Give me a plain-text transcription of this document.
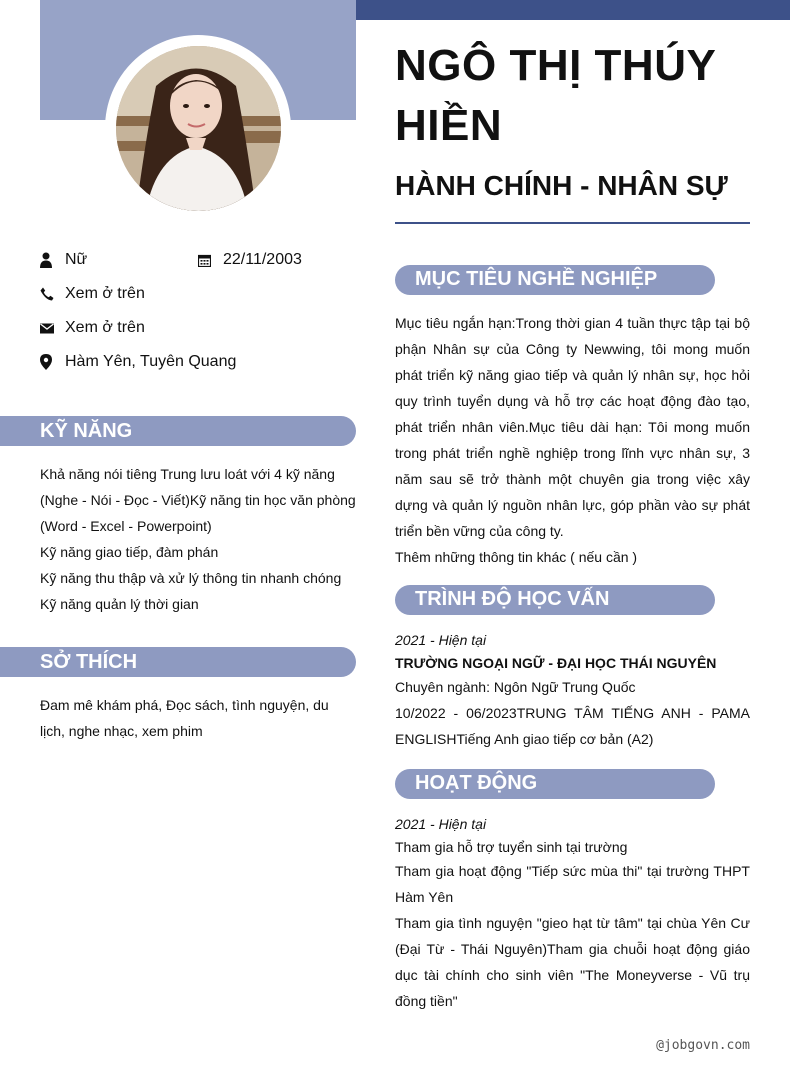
NGÔ THỊ THÚY HIỀN
HÀNH CHÍNH - NHÂN SỰ
Nữ	22/11/2003
Xem ở trên
Xem ở trên
Hàm Yên, Tuyên Quang
KỸ NĂNG

Khả năng nói tiêng Trung lưu loát với 4 kỹ năng (Nghe - Nói - Đọc - Viết)Kỹ năng tin học văn phòng (Word - Excel - Powerpoint)

Kỹ năng giao tiếp, đàm phán

Kỹ năng thu thập và xử lý thông tin nhanh chóng

Kỹ năng quản lý thời gian

SỞ THÍCH

Đam mê khám phá, Đọc sách, tình nguyện, du lịch, nghe nhạc, xem phim

MỤC TIÊU NGHỀ NGHIỆP

Mục tiêu ngắn hạn:Trong thời gian 4 tuần thực tập tại bộ phận Nhân sự của Công ty Newwing, tôi mong muốn phát triển kỹ năng giao tiếp và quản lý nhân sự, học hỏi quy trình tuyển dụng và hỗ trợ các hoạt động đào tạo, phát triển nhân viên.Mục tiêu dài hạn: Tôi mong muốn trong phát triển nghề nghiệp trong lĩnh vực nhân sự, 3 năm sau sẽ trở thành một chuyên gia trong việc xây dựng và quản lý nguồn nhân lực, góp phần vào sự phát triển bền vững của công ty.

Thêm những thông tin khác ( nếu cần )

TRÌNH ĐỘ HỌC VẤN

2021 - Hiện tại

TRƯỜNG NGOẠI NGỮ - ĐẠI HỌC THÁI NGUYÊN

Chuyên ngành: Ngôn Ngữ Trung Quốc

10/2022 - 06/2023TRUNG TÂM TIẾNG ANH - PAMA ENGLISHTiếng Anh giao tiếp cơ bản (A2)

HOẠT ĐỘNG

2021 - Hiện tại

Tham gia hỗ trợ tuyển sinh tại trường

Tham gia hoạt động "Tiếp sức mùa thi" tại trường THPT Hàm Yên

Tham gia tình nguyện "gieo hạt từ tâm" tại chùa Yên Cư (Đại Từ - Thái Nguyên)Tham gia chuỗi hoạt động giáo dục tài chính cho sinh viên "The Moneyverse - Vũ trụ đồng tiền"

@jobgovn.com
